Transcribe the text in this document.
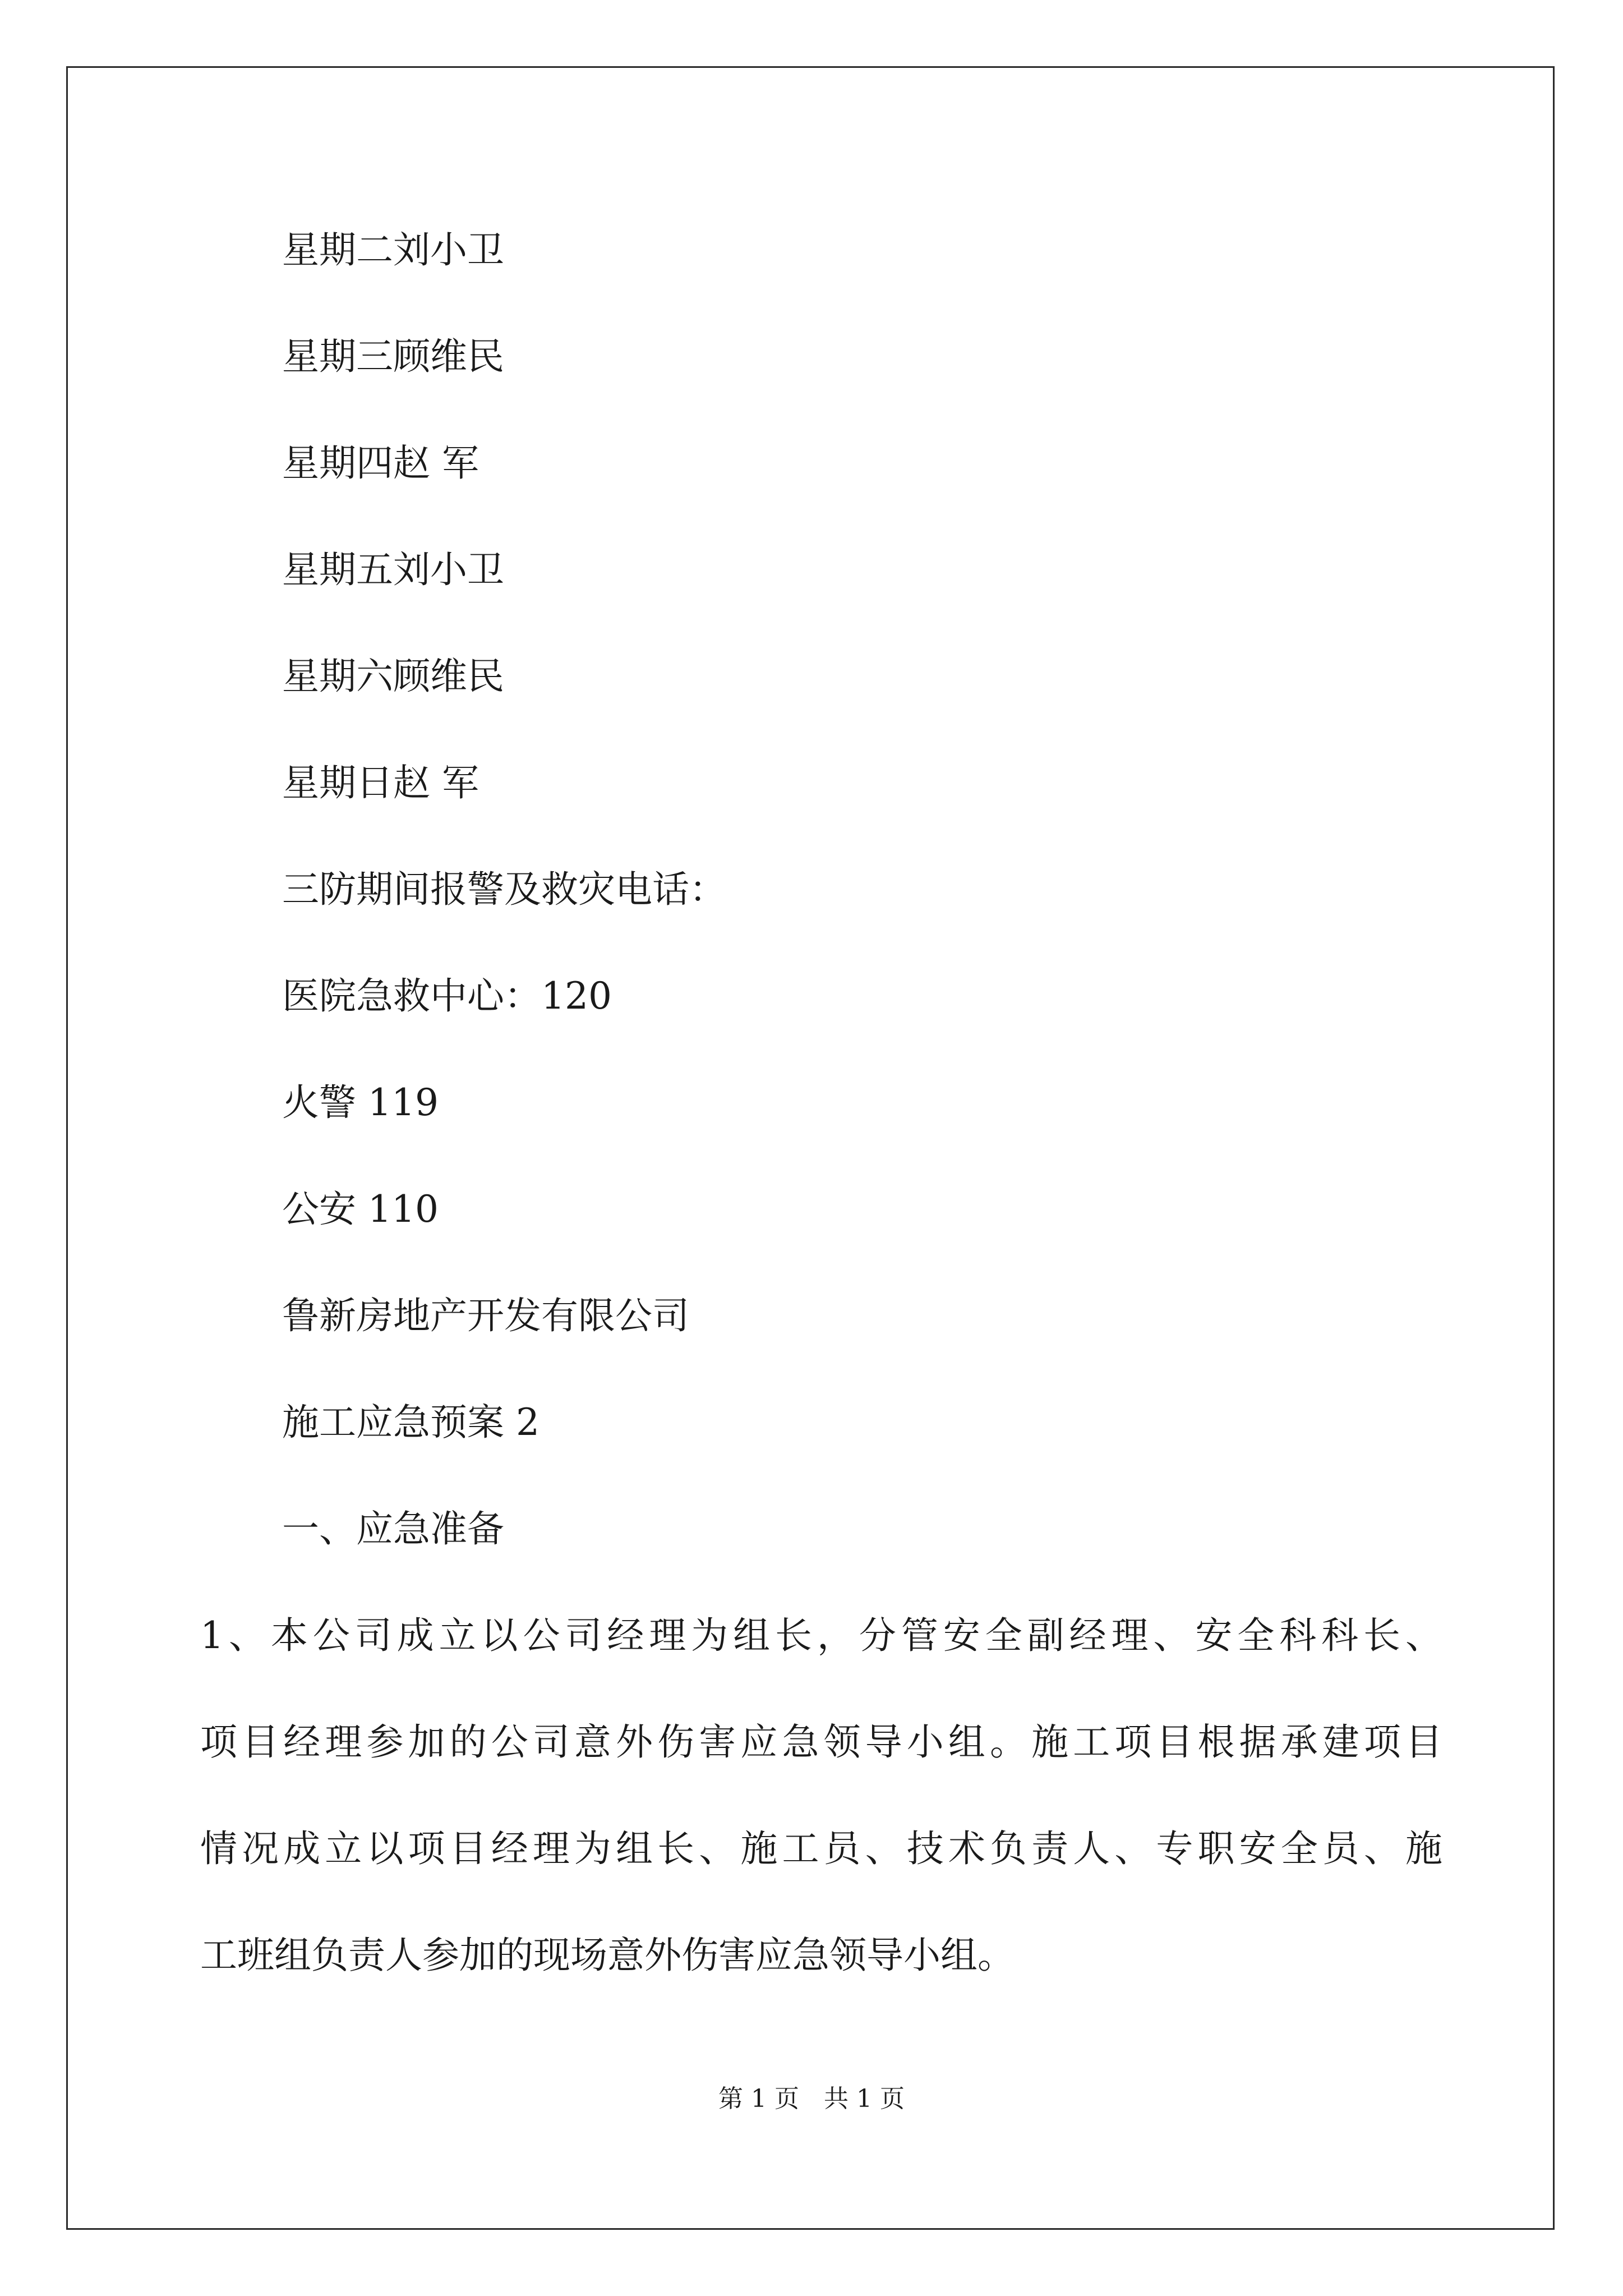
星期二刘小卫
星期三顾维民
星期四赵 军
星期五刘小卫
星期六顾维民
星期日赵 军
三防期间报警及救灾电话：
医院急救中心：120
火警 119
公安 110
鲁新房地产开发有限公司
施工应急预案 2
一、应急准备
1、本公司成立以公司经理为组长，分管安全副经理、安全科科长、
项目经理参加的公司意外伤害应急领导小组。施工项目根据承建项目
情况成立以项目经理为组长、施工员、技术负责人、专职安全员、施
工班组负责人参加的现场意外伤害应急领导小组。
第 1 页　共 1 页
